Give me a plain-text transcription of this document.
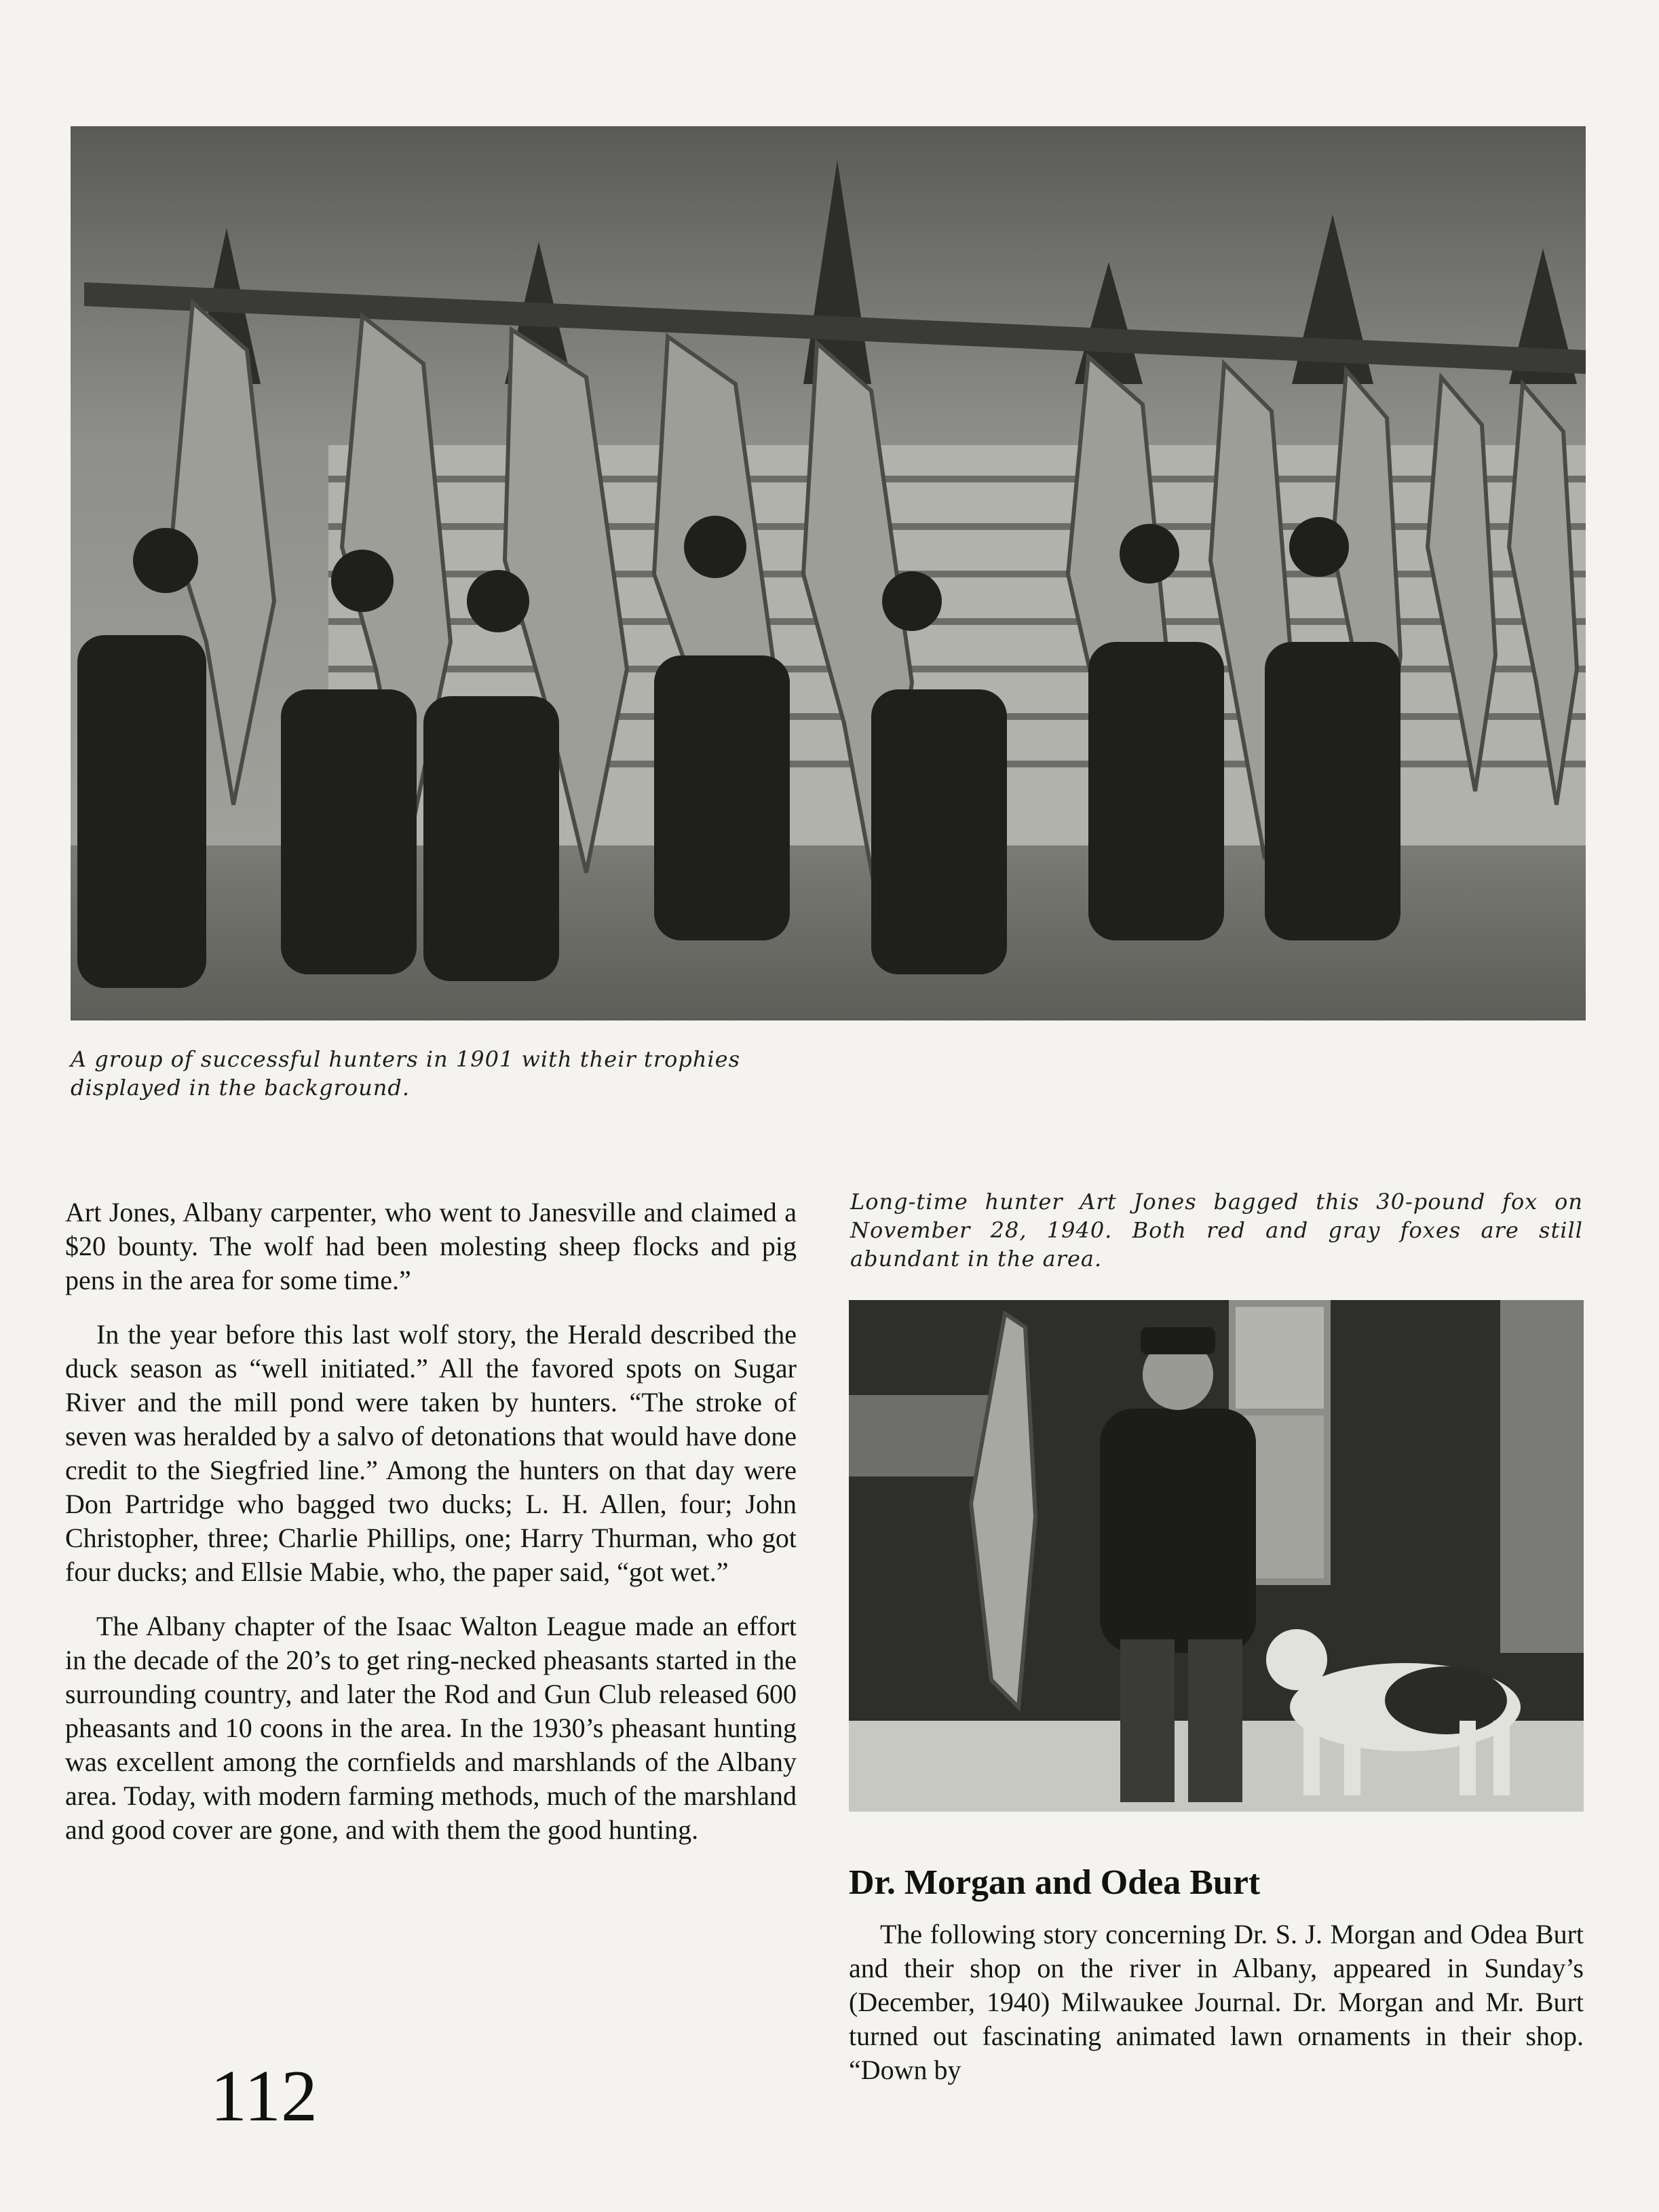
A group of successful hunters in 1901 with their trophies displayed in the background.

Art Jones, Albany carpenter, who went to Janesville and claimed a $20 bounty. The wolf had been molesting sheep flocks and pig pens in the area for some time.”

In the year before this last wolf story, the Herald described the duck season as “well initiated.” All the favored spots on Sugar River and the mill pond were taken by hunters. “The stroke of seven was heralded by a salvo of detonations that would have done credit to the Siegfried line.” Among the hunters on that day were Don Partridge who bagged two ducks; L. H. Allen, four; John Christopher, three; Charlie Phillips, one; Harry Thurman, who got four ducks; and Ellsie Mabie, who, the paper said, “got wet.”

The Albany chapter of the Isaac Walton League made an effort in the decade of the 20’s to get ring-necked pheasants started in the surrounding country, and later the Rod and Gun Club released 600 pheasants and 10 coons in the area. In the 1930’s pheasant hunting was excellent among the cornfields and marshlands of the Albany area. Today, with modern farming methods, much of the marshland and good cover are gone, and with them the good hunting.

Long-time hunter Art Jones bagged this 30-pound fox on November 28, 1940. Both red and gray foxes are still abundant in the area.
Dr. Morgan and Odea Burt

The following story concerning Dr. S. J. Morgan and Odea Burt and their shop on the river in Albany, appeared in Sunday’s (December, 1940) Milwaukee Journal. Dr. Morgan and Mr. Burt turned out fascinating animated lawn ornaments in their shop. “Down by

112
